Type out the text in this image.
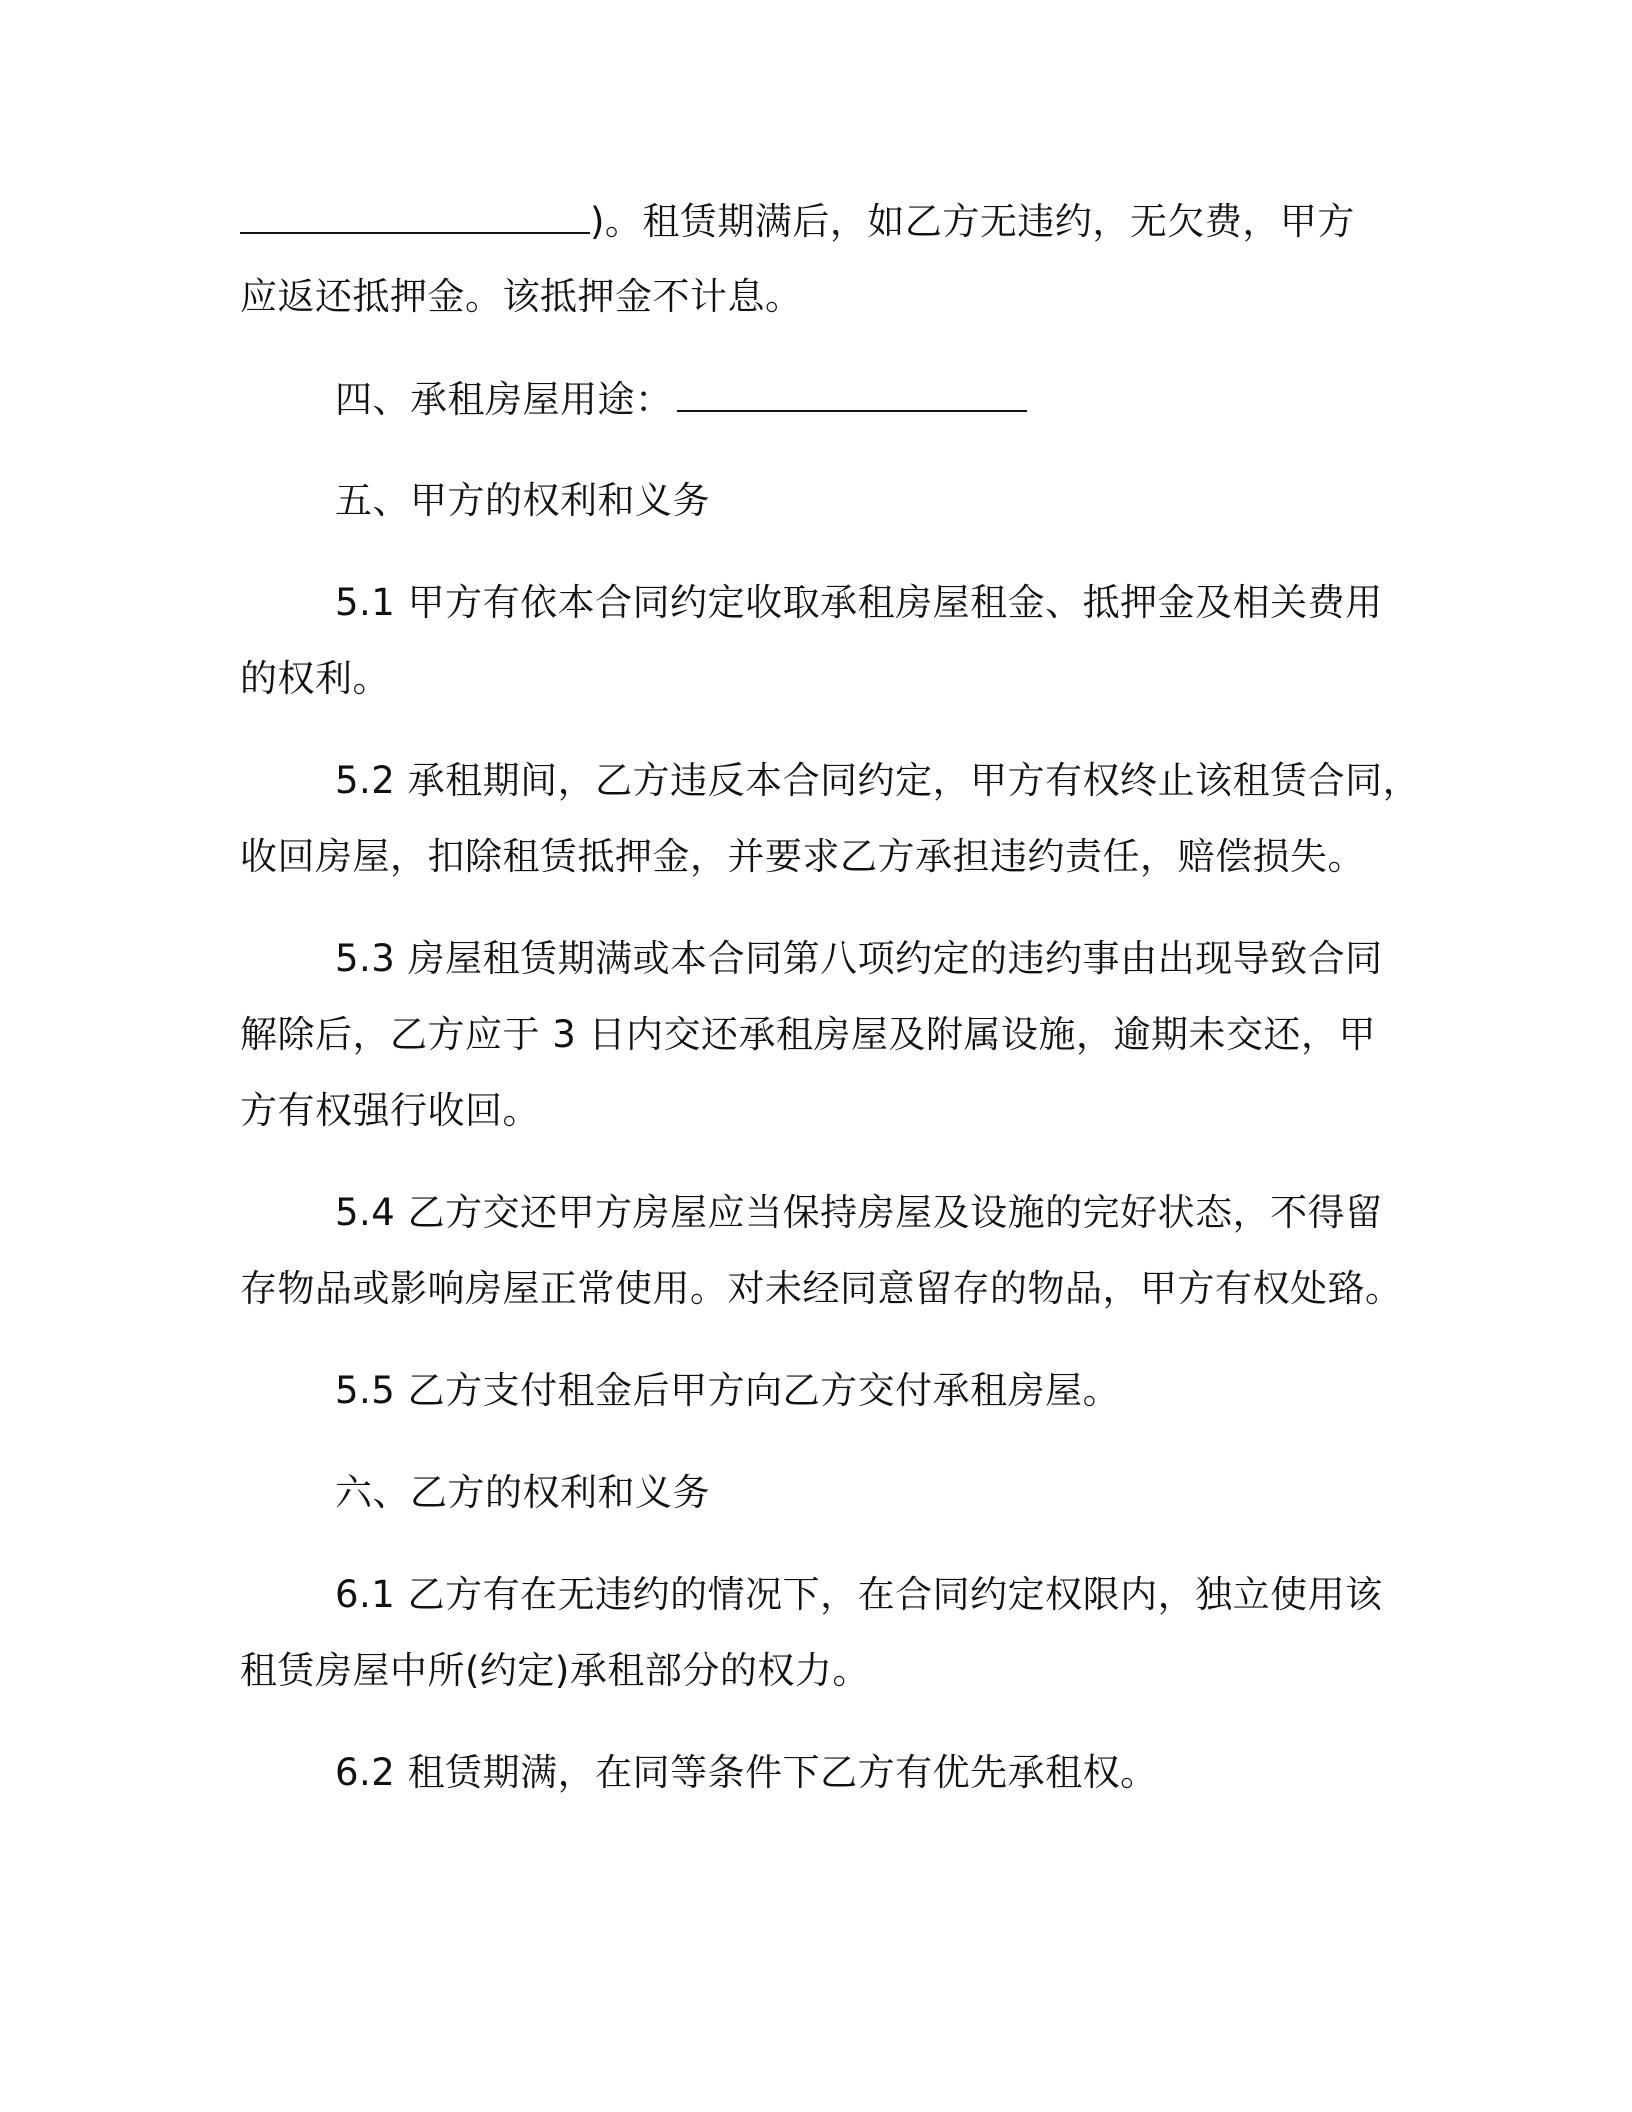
)。租赁期满后，如乙方无违约，无欠费，甲方
应返还抵押金。该抵押金不计息。
四、承租房屋用途：
五、甲方的权利和义务
5.1 甲方有依本合同约定收取承租房屋租金、抵押金及相关费用
的权利。
5.2 承租期间，乙方违反本合同约定，甲方有权终止该租赁合同，
收回房屋，扣除租赁抵押金，并要求乙方承担违约责任，赔偿损失。
5.3 房屋租赁期满或本合同第八项约定的违约事由出现导致合同
解除后，乙方应于 3 日内交还承租房屋及附属设施，逾期未交还，甲
方有权强行收回。
5.4 乙方交还甲方房屋应当保持房屋及设施的完好状态，不得留
存物品或影响房屋正常使用。对未经同意留存的物品，甲方有权处臵。
5.5 乙方支付租金后甲方向乙方交付承租房屋。
六、乙方的权利和义务
6.1 乙方有在无违约的情况下，在合同约定权限内，独立使用该
租赁房屋中所(约定)承租部分的权力。
6.2 租赁期满，在同等条件下乙方有优先承租权。
